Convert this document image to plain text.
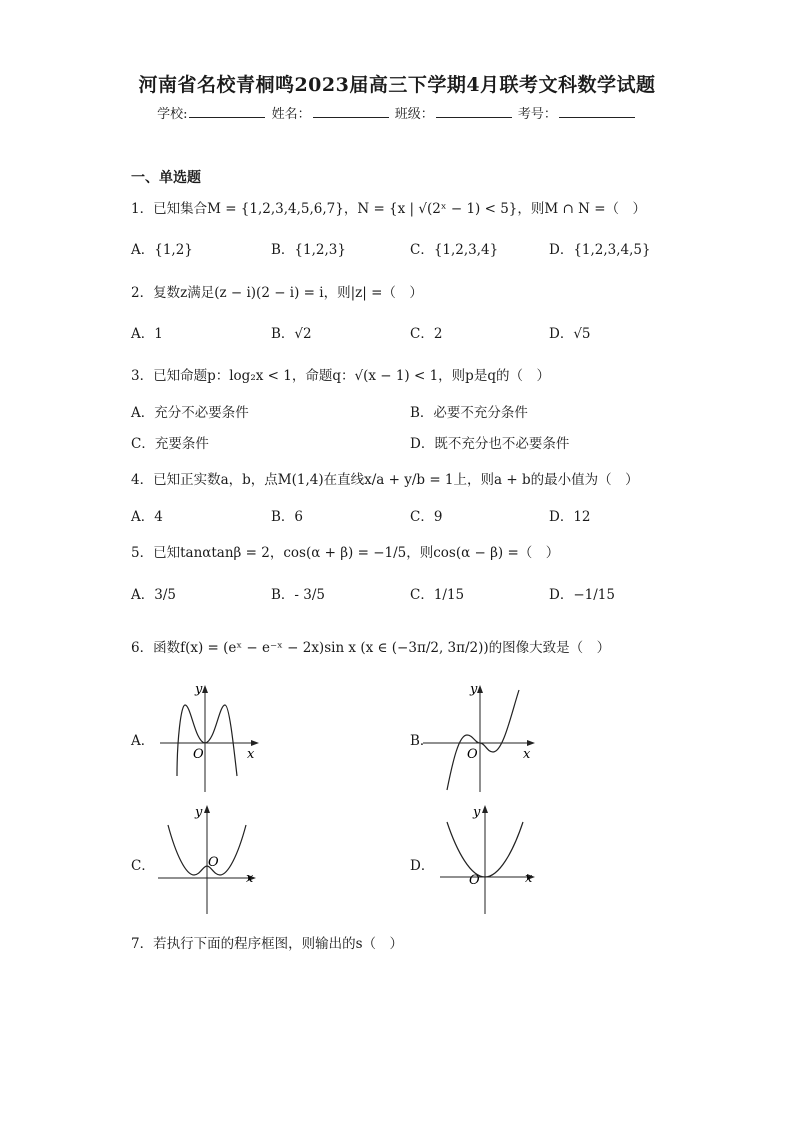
河南省名校青桐鸣2023届高三下学期4月联考文科数学试题
学校:	姓名：	班级：	考号：
一、单选题
1．已知集合M = {1,2,3,4,5,6,7}，N = {x | √(2ˣ − 1) < 5}，则M ∩ N =（　）
A．{1,2}	B．{1,2,3}	C．{1,2,3,4}	D．{1,2,3,4,5}
2．复数z满足(z − i)(2 − i) = i，则|z| =（　）
A．1	B．√2	C．2	D．√5
3．已知命题p：log₂x < 1，命题q：√(x − 1) < 1，则p是q的（　）
A．充分不必要条件	B．必要不充分条件
C．充要条件	D．既不充分也不必要条件
4．已知正实数a，b，点M(1,4)在直线x/a + y/b = 1上，则a + b的最小值为（　）
A．4	B．6	C．9	D．12
5．已知tanαtanβ = 2，cos(α + β) = −1/5，则cos(α − β) =（　）
A．3/5	B．- 3/5	C．1/15	D．−1/15
6．函数f(x) = (eˣ − e⁻ˣ − 2x)sin x (x ∈ (−3π/2, 3π/2))的图像大致是（　）
A．	B．
C．	D．
y
x
O
y
x
O
y
x
O
y
x
O
7．若执行下面的程序框图，则输出的s（　）
